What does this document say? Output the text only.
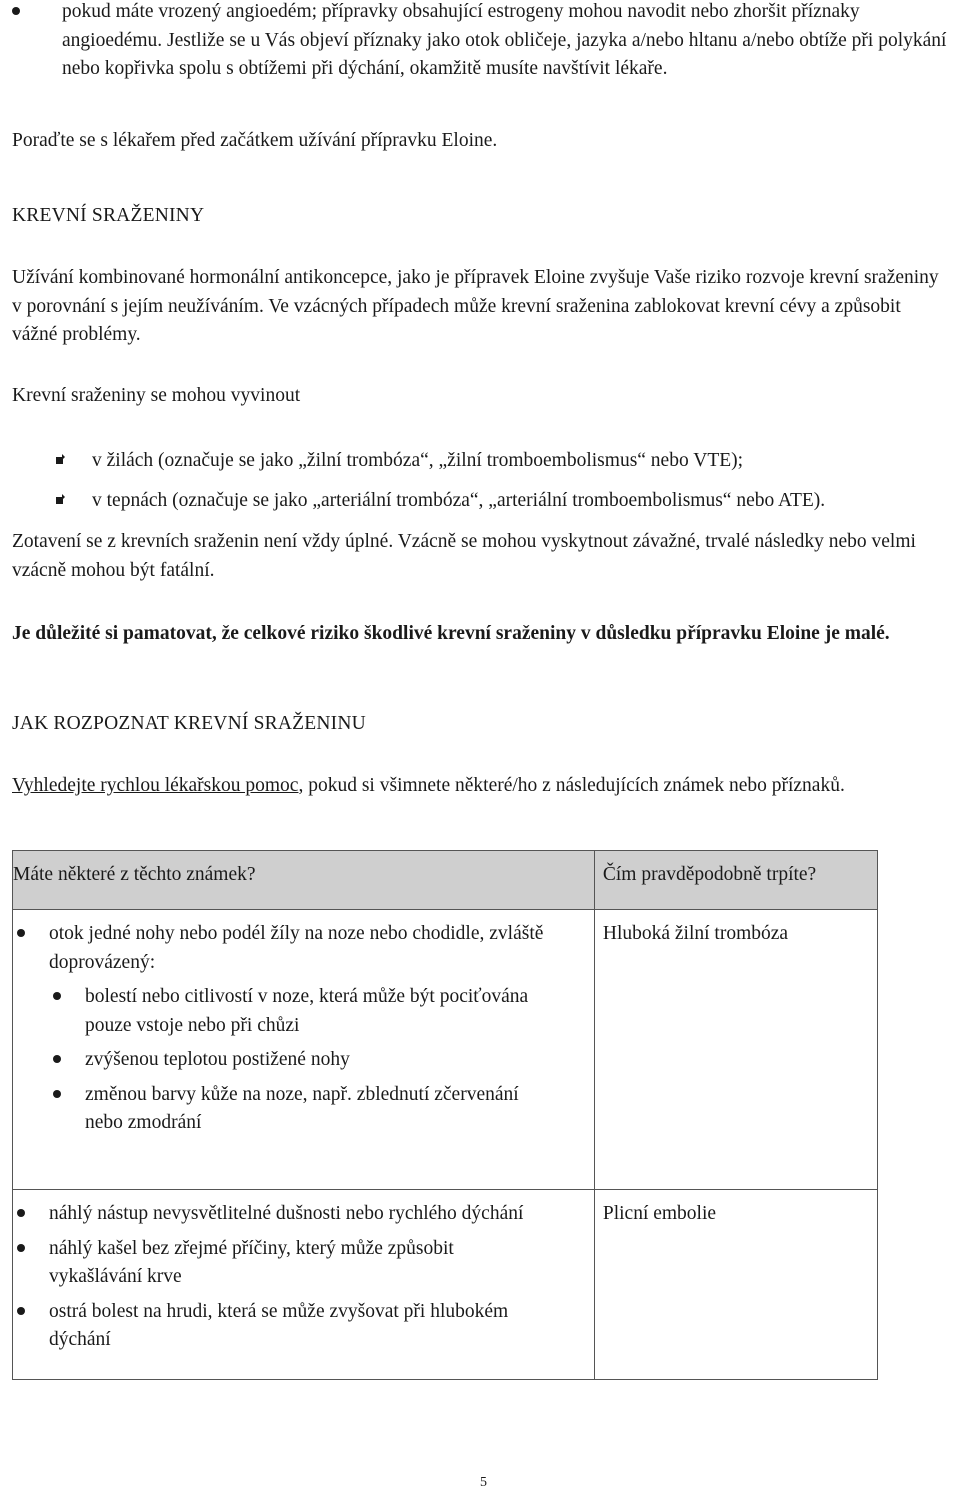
pokud máte vrozený angioedém; přípravky obsahující estrogeny mohou navodit nebo zhoršit příznaky angioedému. Jestliže se u Vás objeví příznaky jako otok obličeje, jazyka a/nebo hltanu a/nebo obtíže při polykání nebo kopřivka spolu s obtížemi při dýchání, okamžitě musíte navštívit lékaře.

Poraďte se s lékařem před začátkem užívání přípravku Eloine.

KREVNÍ SRAŽENINY

Užívání kombinované hormonální antikoncepce, jako je přípravek Eloine zvyšuje Vaše riziko rozvoje krevní sraženiny v porovnání s jejím neužíváním. Ve vzácných případech může krevní sraženina zablokovat krevní cévy a způsobit vážné problémy.

Krevní sraženiny se mohou vyvinout

v žilách (označuje se jako „žilní trombóza“, „žilní tromboembolismus“ nebo VTE);

v tepnách (označuje se jako „arteriální trombóza“, „arteriální tromboembolismus“ nebo ATE).

Zotavení se z krevních sraženin není vždy úplné. Vzácně se mohou vyskytnout závažné, trvalé následky nebo velmi vzácně mohou být fatální.

Je důležité si pamatovat, že celkové riziko škodlivé krevní sraženiny v důsledku přípravku Eloine je malé.

JAK ROZPOZNAT KREVNÍ SRAŽENINU

Vyhledejte rychlou lékařskou pomoc, pokud si všimnete některé/ho z následujících známek nebo příznaků.

Máte některé z těchto známek?	Čím pravděpodobně trpíte?

otok jedné nohy nebo podél žíly na noze nebo chodidle, zvláště doprovázený:

bolestí nebo citlivostí v noze, která může být pociťována pouze vstoje nebo při chůzi

zvýšenou teplotou postižené nohy

změnou barvy kůže na noze, např. zblednutí zčervenání nebo zmodrání	Hluboká žilní trombóza

náhlý nástup nevysvětlitelné dušnosti nebo rychlého dýchání

náhlý kašel bez zřejmé příčiny, který může způsobit vykašlávání krve

ostrá bolest na hrudi, která se může zvyšovat při hlubokém dýchání	Plicní embolie

5
